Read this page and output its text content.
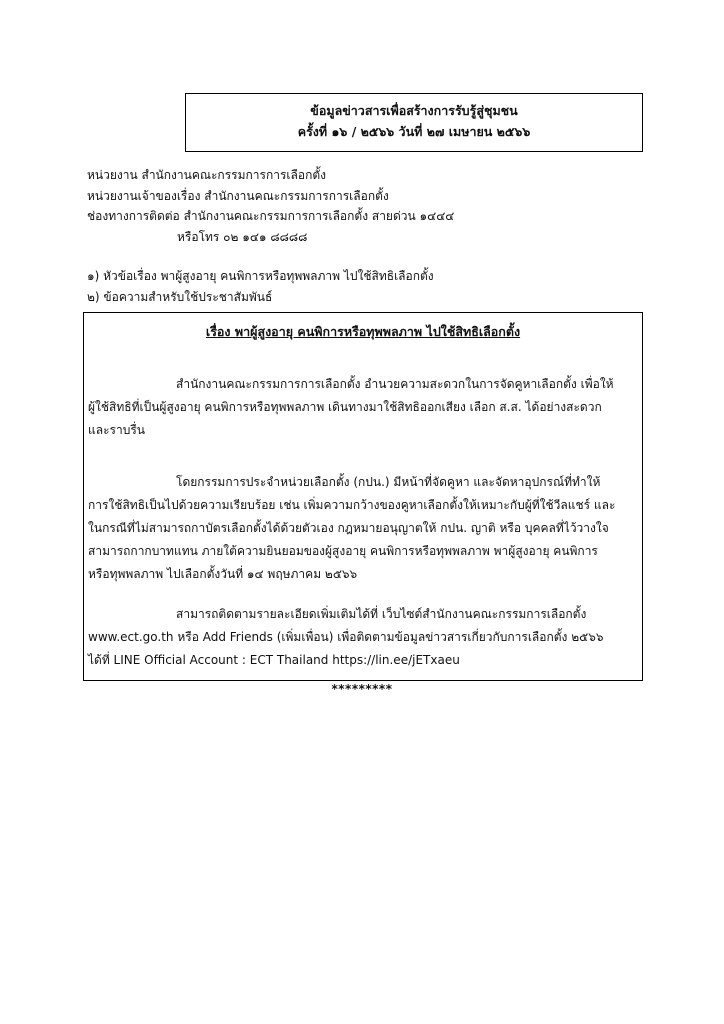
ข้อมูลข่าวสารเพื่อสร้างการรับรู้สู่ชุมชน
ครั้งที่ ๑๖ / ๒๕๖๖ วันที่ ๒๗ เมษายน ๒๕๖๖
หน่วยงาน สำนักงานคณะกรรมการการเลือกตั้ง
หน่วยงานเจ้าของเรื่อง สำนักงานคณะกรรมการการเลือกตั้ง
ช่องทางการติดต่อ สำนักงานคณะกรรมการการเลือกตั้ง สายด่วน ๑๔๔๔
หรือโทร ๐๒ ๑๔๑ ๘๘๘๘
๑) หัวข้อเรื่อง พาผู้สูงอายุ คนพิการหรือทุพพลภาพ ไปใช้สิทธิเลือกตั้ง
๒) ข้อความสำหรับใช้ประชาสัมพันธ์
เรื่อง พาผู้สูงอายุ คนพิการหรือทุพพลภาพ ไปใช้สิทธิเลือกตั้ง
สำนักงานคณะกรรมการการเลือกตั้ง อำนวยความสะดวกในการจัดคูหาเลือกตั้ง เพื่อให้
ผู้ใช้สิทธิที่เป็นผู้สูงอายุ คนพิการหรือทุพพลภาพ เดินทางมาใช้สิทธิออกเสียง เลือก ส.ส. ได้อย่างสะดวก
และราบรื่น
โดยกรรมการประจำหน่วยเลือกตั้ง (กปน.) มีหน้าที่จัดคูหา และจัดหาอุปกรณ์ที่ทำให้
การใช้สิทธิเป็นไปด้วยความเรียบร้อย เช่น เพิ่มความกว้างของคูหาเลือกตั้งให้เหมาะกับผู้ที่ใช้วีลแชร์ และ
ในกรณีที่ไม่สามารถกาบัตรเลือกตั้งได้ด้วยตัวเอง กฎหมายอนุญาตให้ กปน. ญาติ หรือ บุคคลที่ไว้วางใจ
สามารถกากบาทแทน ภายใต้ความยินยอมของผู้สูงอายุ คนพิการหรือทุพพลภาพ พาผู้สูงอายุ คนพิการ
หรือทุพพลภาพ ไปเลือกตั้งวันที่ ๑๔ พฤษภาคม ๒๕๖๖
สามารถติดตามรายละเอียดเพิ่มเติมได้ที่ เว็บไซต์สำนักงานคณะกรรมการเลือกตั้ง
www.ect.go.th หรือ Add Friends (เพิ่มเพื่อน) เพื่อติดตามข้อมูลข่าวสารเกี่ยวกับการเลือกตั้ง ๒๕๖๖
ได้ที่ LINE Official Account : ECT Thailand https://lin.ee/jETxaeu
*********
